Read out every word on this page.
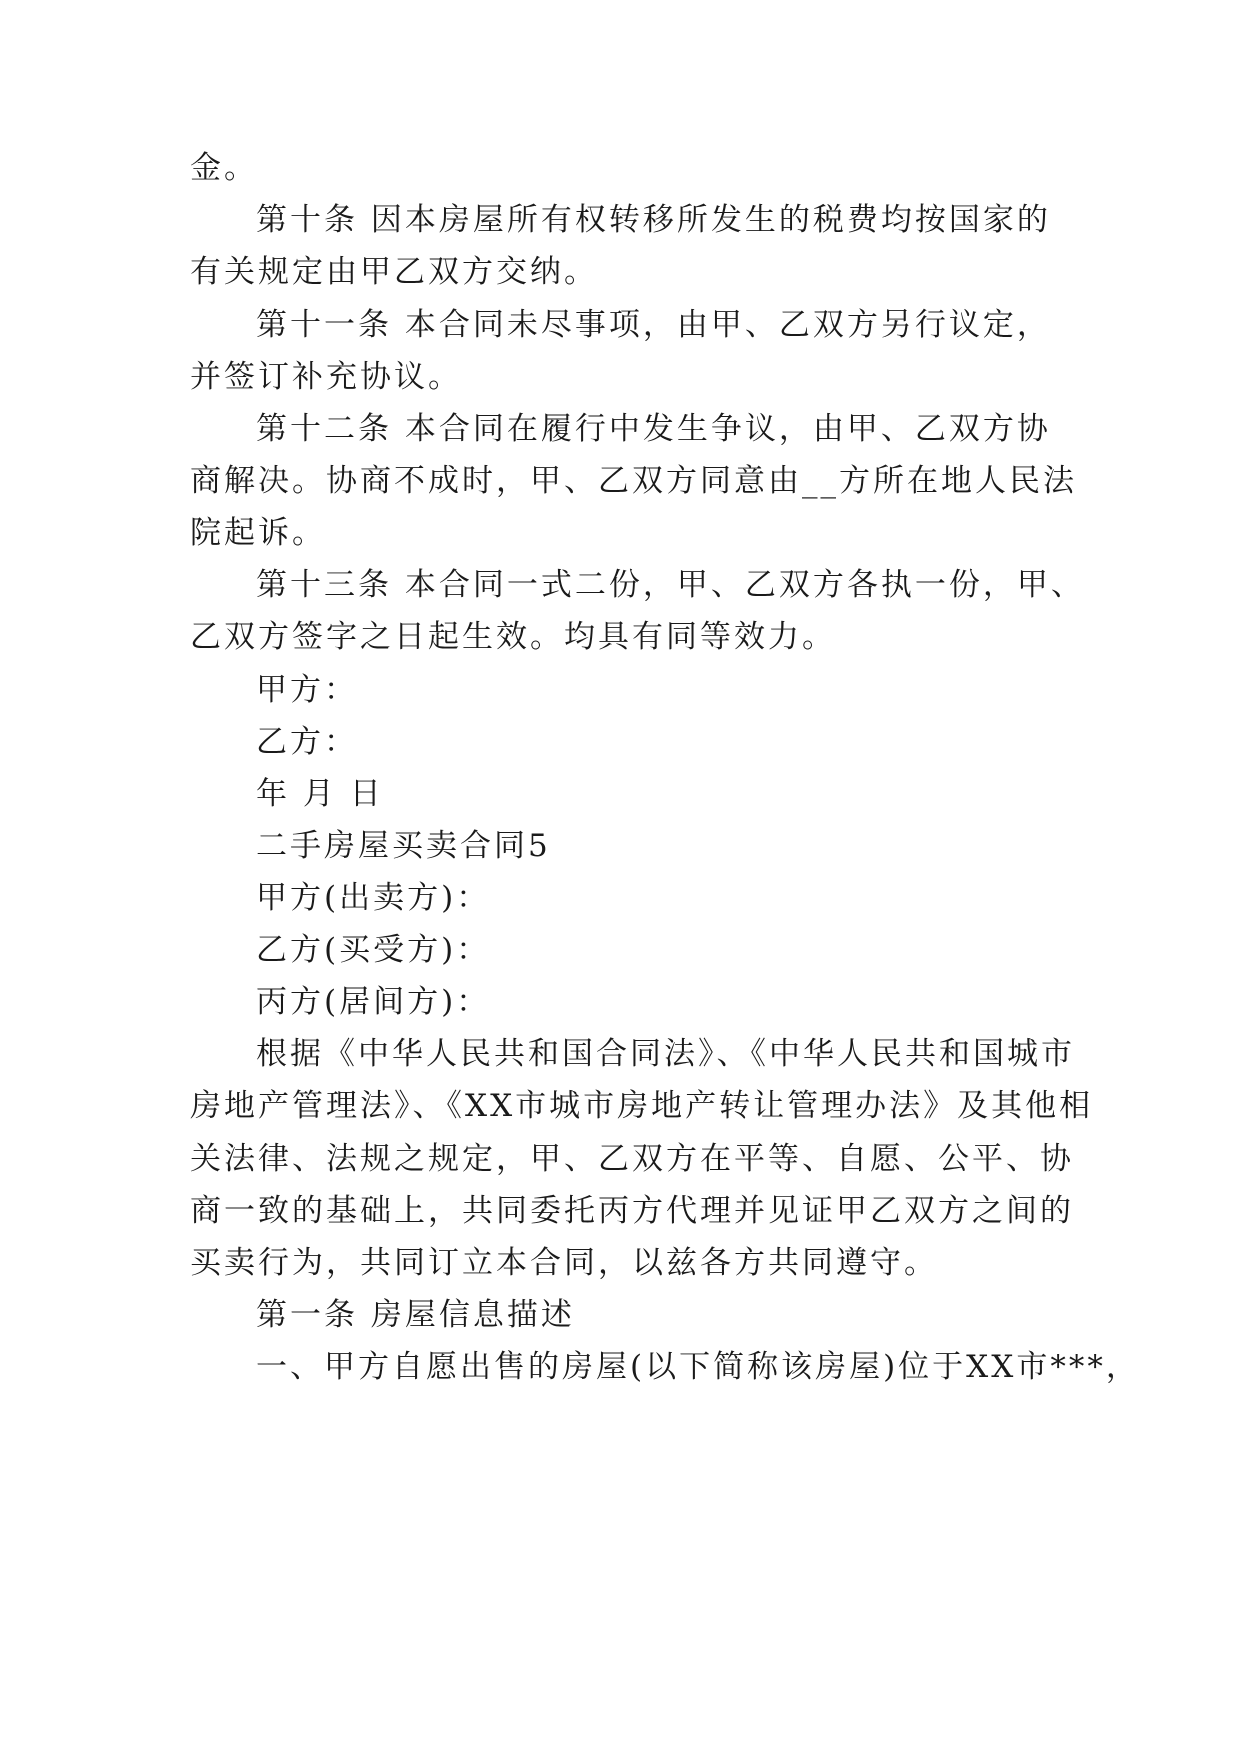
金。
第十条 因本房屋所有权转移所发生的税费均按国家的
有关规定由甲乙双方交纳。
第十一条 本合同未尽事项，由甲、乙双方另行议定，
并签订补充协议。
第十二条 本合同在履行中发生争议，由甲、乙双方协
商解决。协商不成时，甲、乙双方同意由__方所在地人民法
院起诉。
第十三条 本合同一式二份，甲、乙双方各执一份，甲、
乙双方签字之日起生效。均具有同等效力。
甲方：
乙方：
年 月 日
二手房屋买卖合同5
甲方(出卖方)：
乙方(买受方)：
丙方(居间方)：
根据《中华人民共和国合同法》、《中华人民共和国城市
房地产管理法》、《XX市城市房地产转让管理办法》及其他相
关法律、法规之规定，甲、乙双方在平等、自愿、公平、协
商一致的基础上，共同委托丙方代理并见证甲乙双方之间的
买卖行为，共同订立本合同，以兹各方共同遵守。
第一条 房屋信息描述
一、甲方自愿出售的房屋(以下简称该房屋)位于XX市***，
